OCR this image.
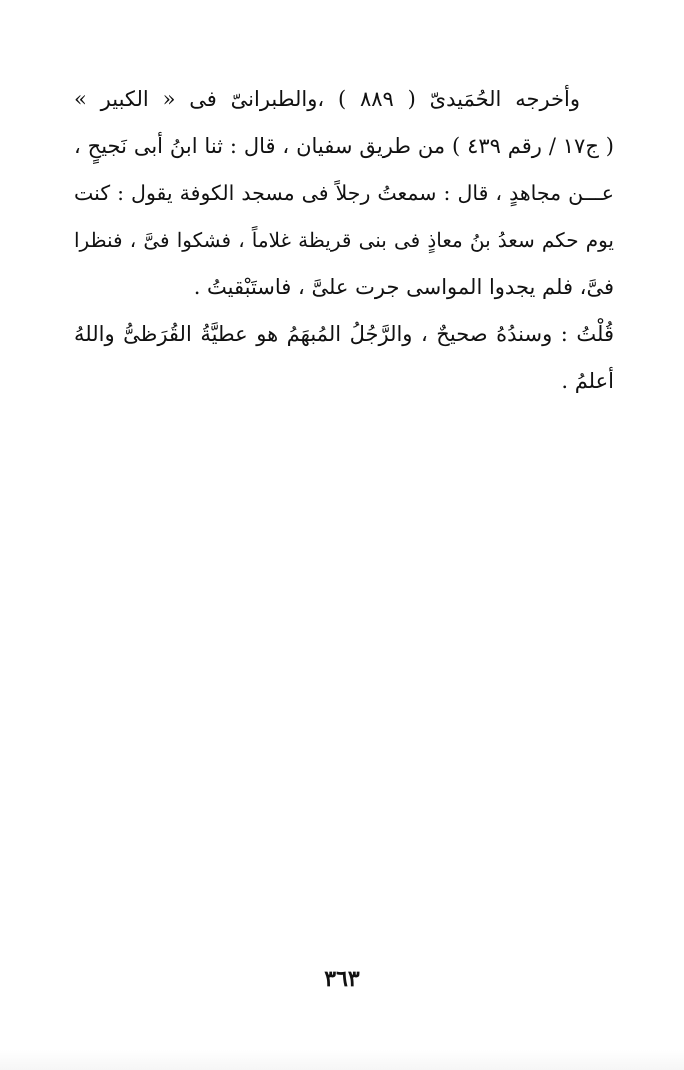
وأخرجه الحُمَيدىّ ( ٨٨٩ ) ،والطبرانىّ فى « الكبير »
( ج١٧ / رقم ٤٣٩ ) من طريق سفيان ، قال : ثنا ابنُ أبى نَجيحٍ ،
عـــن مجاهدٍ ، قال : سمعتُ رجلاً فى مسجد الكوفة يقول : كنت
يوم حكم سعدُ بنُ معاذٍ فى بنى قريظة غلاماً ، فشكوا فىَّ ، فنظرا
فىَّ، فلم يجدوا المواسى جرت علىَّ ، فاستَبْقيتُ .
قُلْتُ : وسندُهُ صحيحٌ ، والرَّجُلُ المُبهَمُ هو عطيَّةُ القُرَظىُّ واللهُ
أعلمُ .
٣٦٣
